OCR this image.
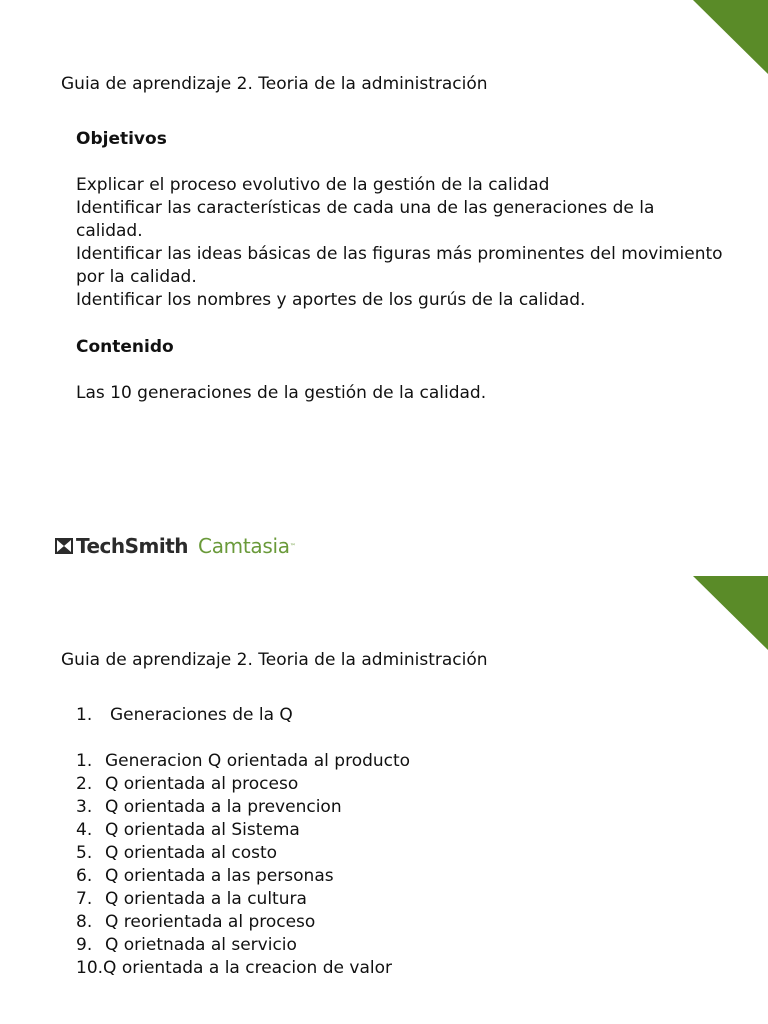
Guia de aprendizaje 2. Teoria de la administración

Objetivos

Explicar el proceso evolutivo de la gestión de la calidad

Identificar las características de cada una de las generaciones de la calidad.

Identificar las ideas básicas de las figuras más prominentes del movimiento por la calidad.

Identificar los nombres y aportes de los gurús de la calidad.

Contenido

Las 10 generaciones de la gestión de la calidad.

TechSmith Camtasia ™
Guia de aprendizaje 2. Teoria de la administración
1.	Generaciones de la Q
1. Generacion Q orientada al producto
2. Q orientada al proceso
3. Q orientada a la prevencion
4. Q orientada al Sistema
5. Q orientada al costo
6. Q orientada a las personas
7. Q orientada a la cultura
8. Q reorientada al proceso
9. Q orietnada al servicio
10. Q orientada a la creacion de valor
